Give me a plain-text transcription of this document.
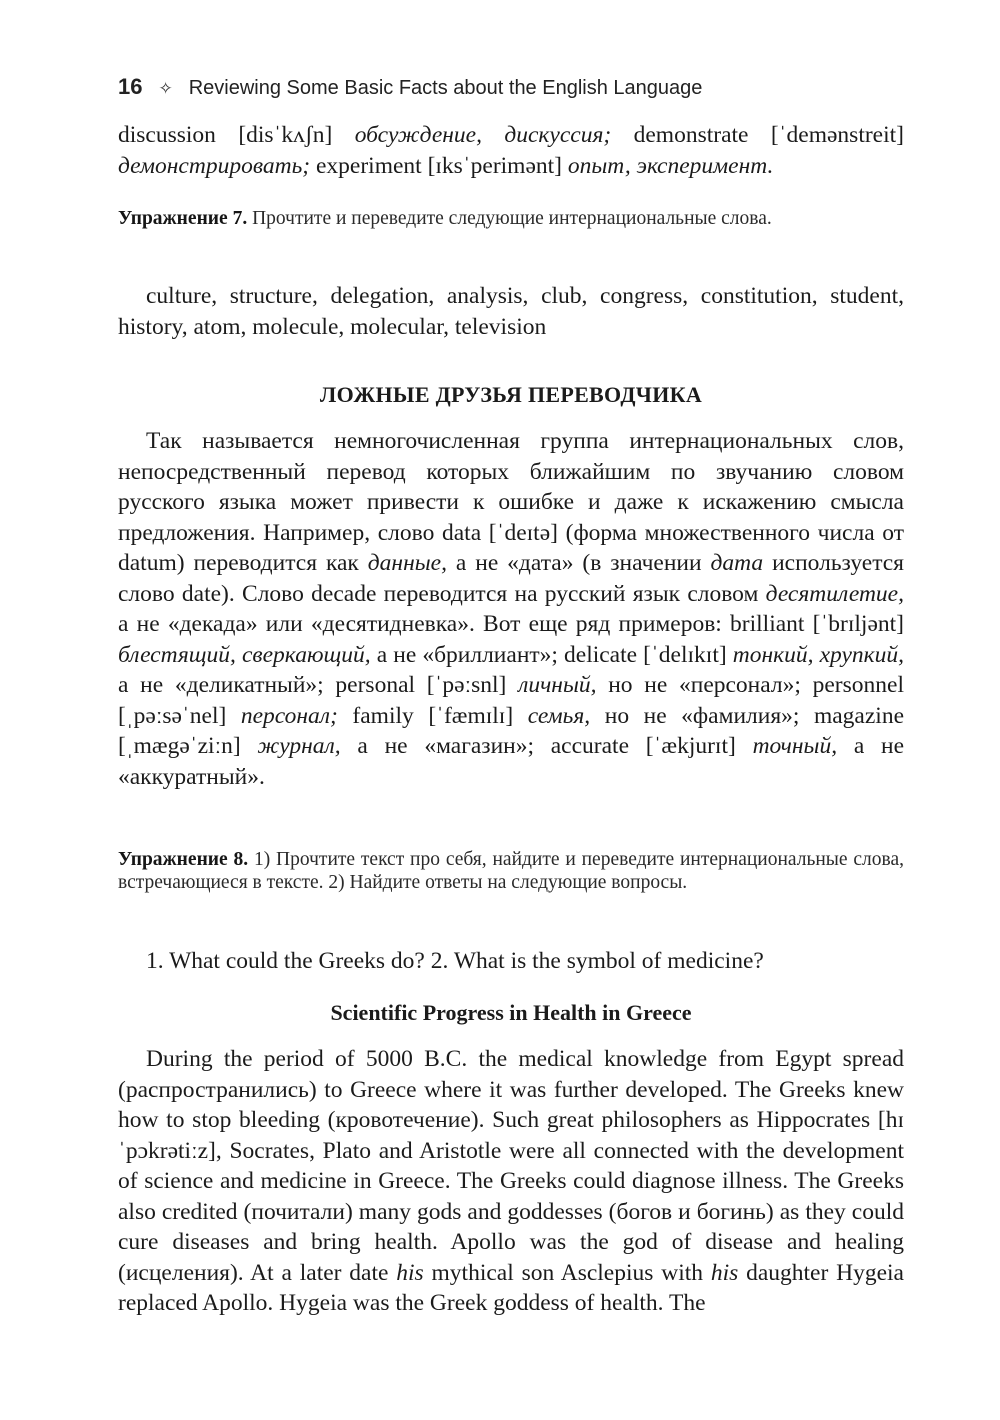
16 ✧ Reviewing Some Basic Facts about the English Language

discussion [disˈkʌʃn] обсуждение, дискуссия; demonstrate [ˈdemənstreit] демонстрировать; experiment [ɪksˈperimənt] опыт, эксперимент.

Упражнение 7. Прочтите и переведите следующие интернациональные слова.

culture, structure, delegation, analysis, club, congress, constitution, student, history, atom, molecule, molecular, television

ЛОЖНЫЕ ДРУЗЬЯ ПЕРЕВОДЧИКА

Так называется немногочисленная группа интернациональных слов, непосредственный перевод которых ближайшим по звучанию словом русского языка может привести к ошибке и даже к искажению смысла предложения. Например, слово data [ˈdeɪtə] (форма множественного числа от datum) переводится как данные, а не «дата» (в значении дата используется слово date). Слово decade переводится на русский язык словом десятилетие, а не «декада» или «десятидневка». Вот еще ряд примеров: brilliant [ˈbrɪljənt] блестящий, сверкающий, а не «бриллиант»; delicate [ˈdelɪkɪt] тонкий, хрупкий, а не «деликатный»; personal [ˈpəːsnl] личный, но не «персонал»; personnel [ˌpəːsəˈnel] персонал; family [ˈfæmɪlɪ] семья, но не «фамилия»; magazine [ˌmægəˈziːn] журнал, а не «магазин»; accurate [ˈækjurɪt] точный, а не «аккуратный».

Упражнение 8. 1) Прочтите текст про себя, найдите и переведите интернациональные слова, встречающиеся в тексте. 2) Найдите ответы на следующие вопросы.

1. What could the Greeks do? 2. What is the symbol of medicine?

Scientific Progress in Health in Greece

During the period of 5000 B.C. the medical knowledge from Egypt spread (распространились) to Greece where it was further developed. The Greeks knew how to stop bleeding (кровотечение). Such great philosophers as Hippocrates [hɪˈpɔkrətiːz], Socrates, Plato and Aristotle were all connected with the development of science and medicine in Greece. The Greeks could diagnose illness. The Greeks also credited (почитали) many gods and goddesses (богов и богинь) as they could cure diseases and bring health. Apollo was the god of disease and healing (исцеления). At a later date his mythical son Asclepius with his daughter Hygeia replaced Apollo. Hygeia was the Greek goddess of health. The
